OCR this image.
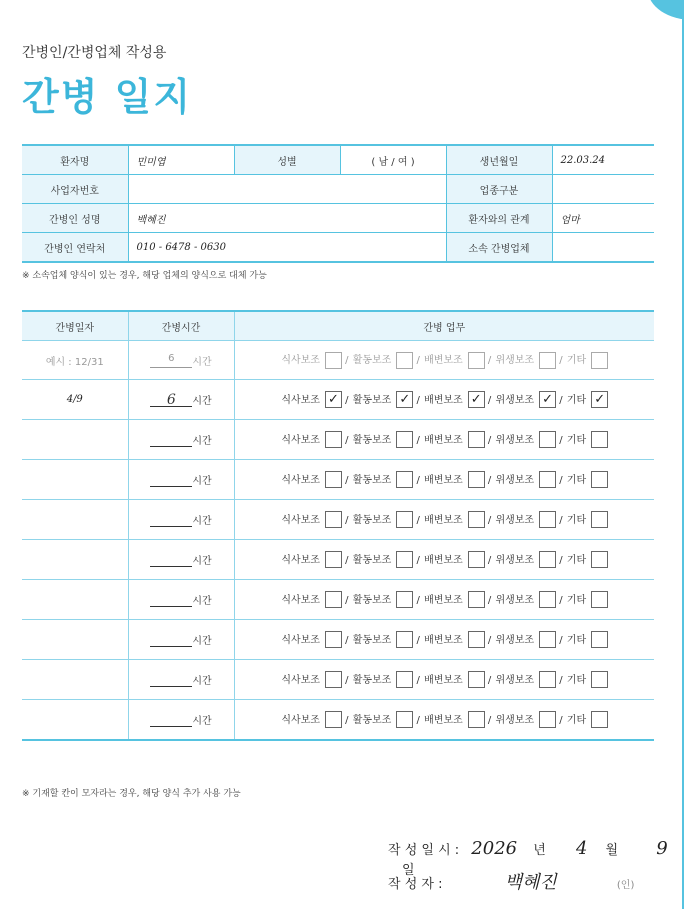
간병인/간병업체 작성용
간병 일지
환자명	민미엽	성별	( 남 / 여 )	생년월일	22.03.24
사업자번호				업종구분	
간병인 성명	백혜진			환자와의 관계	엄마
간병인 연락처	010 - 6478 - 0630			소속 간병업체	
※ 소속업체 양식이 있는 경우, 해당 업체의 양식으로 대체 가능
간병일자	간병시간	간병 업무
예시 : 12/31	6 시간	식사보조 / 활동보조 / 배변보조 / 위생보조 / 기타
4/9	6 시간	식사보조 ✓ / 활동보조 ✓ / 배변보조 ✓ / 위생보조 ✓ / 기타 ✓
	시간	식사보조 / 활동보조 / 배변보조 / 위생보조 / 기타
	시간	식사보조 / 활동보조 / 배변보조 / 위생보조 / 기타
	시간	식사보조 / 활동보조 / 배변보조 / 위생보조 / 기타
	시간	식사보조 / 활동보조 / 배변보조 / 위생보조 / 기타
	시간	식사보조 / 활동보조 / 배변보조 / 위생보조 / 기타
	시간	식사보조 / 활동보조 / 배변보조 / 위생보조 / 기타
	시간	식사보조 / 활동보조 / 배변보조 / 위생보조 / 기타
	시간	식사보조 / 활동보조 / 배변보조 / 위생보조 / 기타
※ 기재할 칸이 모자라는 경우, 해당 양식 추가 사용 가능
작 성 일 시 : 2026 년 4 월 9 일
작 성 자 :	백혜진	(인)
